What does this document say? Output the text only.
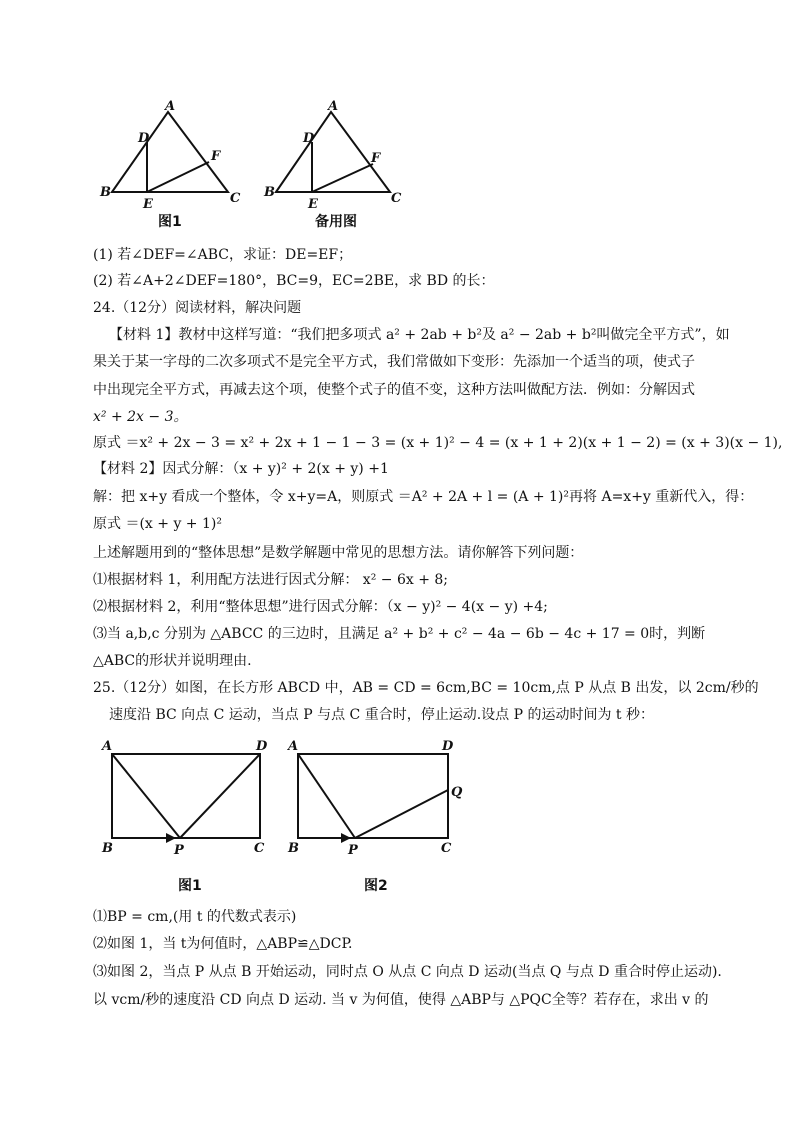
A
B	C
D
E
F
图1
A
B	C
D
E
F
备用图
(1) 若∠DEF=∠ABC，求证：DE=EF；
(2) 若∠A+2∠DEF=180°，BC=9，EC=2BE，求 BD 的长：
24.（12分）阅读材料，解决问题
【材料 1】教材中这样写道：“我们把多项式 a² + 2ab + b²及 a² − 2ab + b²叫做完全平方式”，如
果关于某一字母的二次多项式不是完全平方式，我们常做如下变形：先添加一个适当的项，使式子
中出现完全平方式，再减去这个项，使整个式子的值不变，这种方法叫做配方法．例如：分解因式
x² + 2x − 3。
原式 ＝x² + 2x − 3 = x² + 2x + 1 − 1 − 3 = (x + 1)² − 4 = (x + 1 + 2)(x + 1 − 2) = (x + 3)(x − 1),
【材料 2】因式分解：（x + y)² + 2(x + y) +1
解：把 x+y 看成一个整体，令 x+y=A，则原式 ＝A² + 2A + l = (A + 1)²再将 A=x+y 重新代入，得：
原式 ＝(x + y + 1)²
上述解题用到的“整体思想”是数学解题中常见的思想方法。请你解答下列问题：
⑴根据材料 1，利用配方法进行因式分解： x² − 6x + 8;
⑵根据材料 2，利用“整体思想”进行因式分解：（x − y)² − 4(x − y) +4;
⑶当 a,b,c 分别为 △ABCC 的三边时，且满足 a² + b² + c² − 4a − 6b − 4c + 17 = 0时，判断
△ABC的形状并说明理由.
25.（12分）如图，在长方形 ABCD 中，AB = CD = 6cm,BC = 10cm,点 P 从点 B 出发，以 2cm/秒的
速度沿 BC 向点 C 运动，当点 P 与点 C 重合时，停止运动.设点 P 的运动时间为 t 秒：
A
B	C
D
P
图1
A
B	C
D
P
Q
图2
⑴BP = cm,(用 t 的代数式表示)
⑵如图 1，当 t为何值时，△ABP≌△DCP.
⑶如图 2，当点 P 从点 B 开始运动，同时点 O 从点 C 向点 D 运动(当点 Q 与点 D 重合时停止运动).
以 vcm/秒的速度沿 CD 向点 D 运动. 当 v 为何值，使得 △ABP与 △PQC全等？若存在，求出 v 的
